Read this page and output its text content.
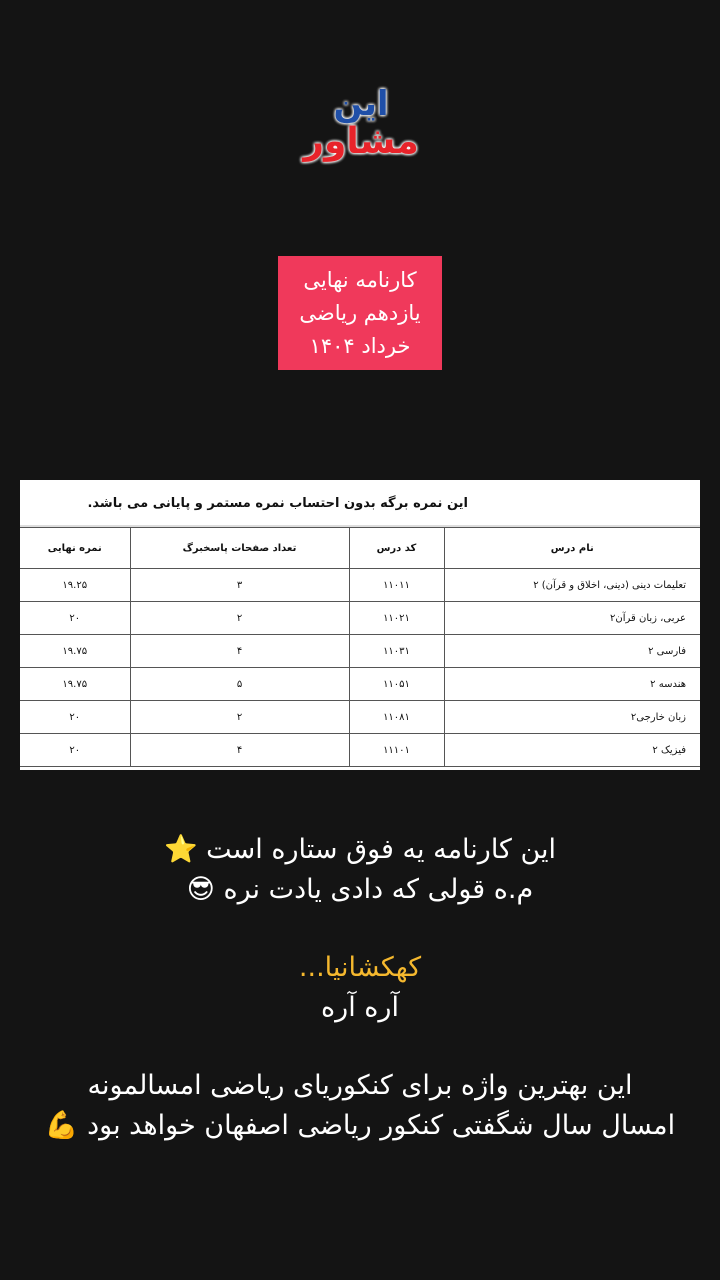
این
مشاور
کارنامه نهایی
یازدهم ریاضی
خرداد ۱۴۰۴
این نمره برگه بدون احتساب نمره مستمر و پایانی می باشد.
نام درس	کد درس	تعداد صفحات پاسخبرگ	نمره نهایی
تعلیمات دینی (دینی، اخلاق و قرآن) ۲	۱۱۰۱۱	۳	۱۹.۲۵
عربی، زبان قرآن۲	۱۱۰۲۱	۲	۲۰
فارسی ۲	۱۱۰۳۱	۴	۱۹.۷۵
هندسه ۲	۱۱۰۵۱	۵	۱۹.۷۵
زبان خارجی۲	۱۱۰۸۱	۲	۲۰
فیزیک ۲	۱۱۱۰۱	۴	۲۰
این کارنامه یه فوق ستاره است ⭐
م.ه قولی که دادی یادت نره 😎
کهکشانیا...
آره آره
این بهترین واژه برای کنکوریای ریاضی امسالمونه
امسال سال شگفتی کنکور ریاضی اصفهان خواهد بود 💪
